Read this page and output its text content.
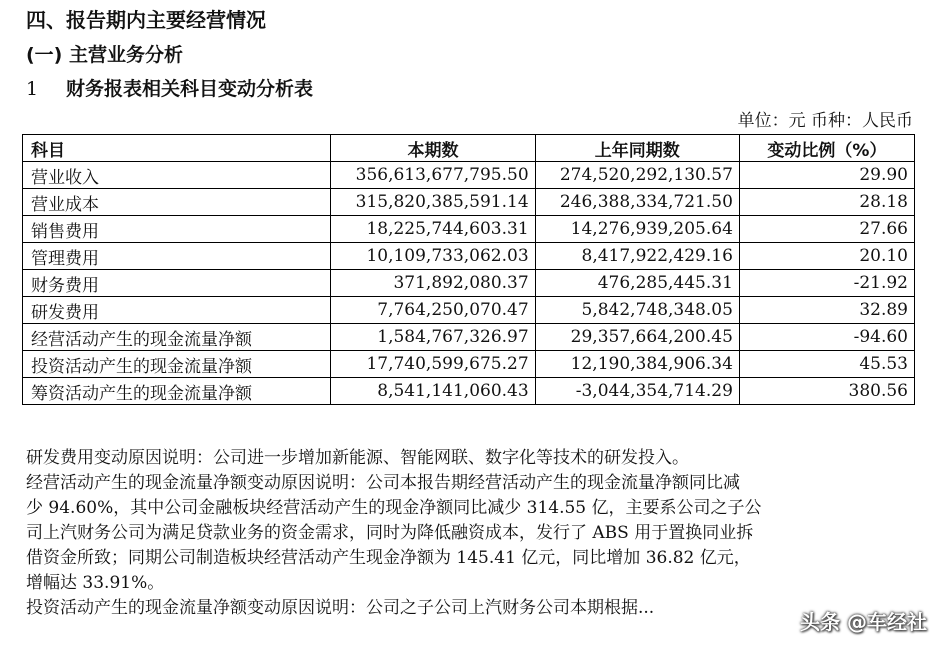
四、报告期内主要经营情况
(一) 主营业务分析
1 财务报表相关科目变动分析表
单位：元 币种：人民币
科目	本期数	上年同期数	变动比例（%）
营业收入	356,613,677,795.50	274,520,292,130.57	29.90
营业成本	315,820,385,591.14	246,388,334,721.50	28.18
销售费用	18,225,744,603.31	14,276,939,205.64	27.66
管理费用	10,109,733,062.03	8,417,922,429.16	20.10
财务费用	371,892,080.37	476,285,445.31	-21.92
研发费用	7,764,250,070.47	5,842,748,348.05	32.89
经营活动产生的现金流量净额	1,584,767,326.97	29,357,664,200.45	-94.60
投资活动产生的现金流量净额	17,740,599,675.27	12,190,384,906.34	45.53
筹资活动产生的现金流量净额	8,541,141,060.43	-3,044,354,714.29	380.56

研发费用变动原因说明：公司进一步增加新能源、智能网联、数字化等技术的研发投入。

经营活动产生的现金流量净额变动原因说明：公司本报告期经营活动产生的现金流量净额同比减

少 94.60%，其中公司金融板块经营活动产生的现金净额同比减少 314.55 亿，主要系公司之子公

司上汽财务公司为满足贷款业务的资金需求，同时为降低融资成本，发行了 ABS 用于置换同业拆

借资金所致；同期公司制造板块经营活动产生现金净额为 145.41 亿元，同比增加 36.82 亿元，

增幅达 33.91%。

投资活动产生的现金流量净额变动原因说明：公司之子公司上汽财务公司本期根据...

头条 @车经社
